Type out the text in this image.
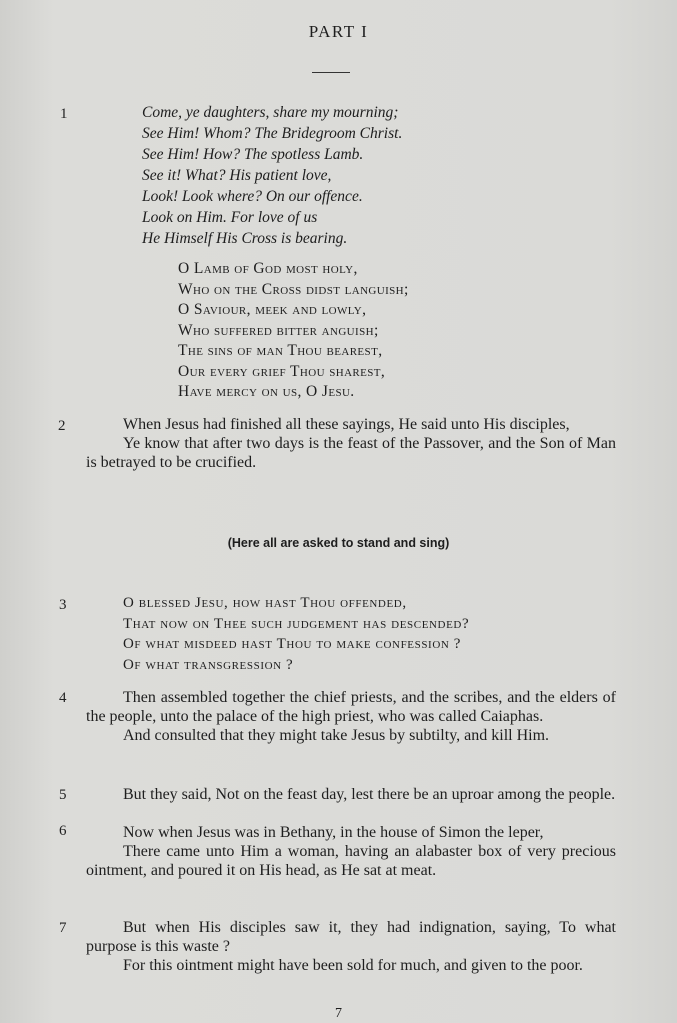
PART I
1
2
3
4
5
6
7
Come, ye daughters, share my mourning;
See Him! Whom? The Bridegroom Christ.
See Him! How? The spotless Lamb.
See it! What? His patient love,
Look! Look where? On our offence.
Look on Him. For love of us
He Himself His Cross is bearing.
O Lamb of God most holy,
Who on the Cross didst languish;
O Saviour, meek and lowly,
Who suffered bitter anguish;
The sins of man Thou bearest,
Our every grief Thou sharest,
Have mercy on us, O Jesu.
When Jesus had finished all these sayings, He said unto His disciples,
Ye know that after two days is the feast of the Passover, and the Son of Man is betrayed to be crucified.
(Here all are asked to stand and sing)
O blessed Jesu, how hast Thou offended,
That now on Thee such judgement has descended?
Of what misdeed hast Thou to make confession ?
Of what transgression ?
Then assembled together the chief priests, and the scribes, and the elders of the people, unto the palace of the high priest, who was called Caiaphas.
And consulted that they might take Jesus by subtilty, and kill Him.
But they said, Not on the feast day, lest there be an uproar among the people.
Now when Jesus was in Bethany, in the house of Simon the leper,
There came unto Him a woman, having an alabaster box of very precious ointment, and poured it on His head, as He sat at meat.
But when His disciples saw it, they had indignation, saying, To what purpose is this waste ?
For this ointment might have been sold for much, and given to the poor.
7
